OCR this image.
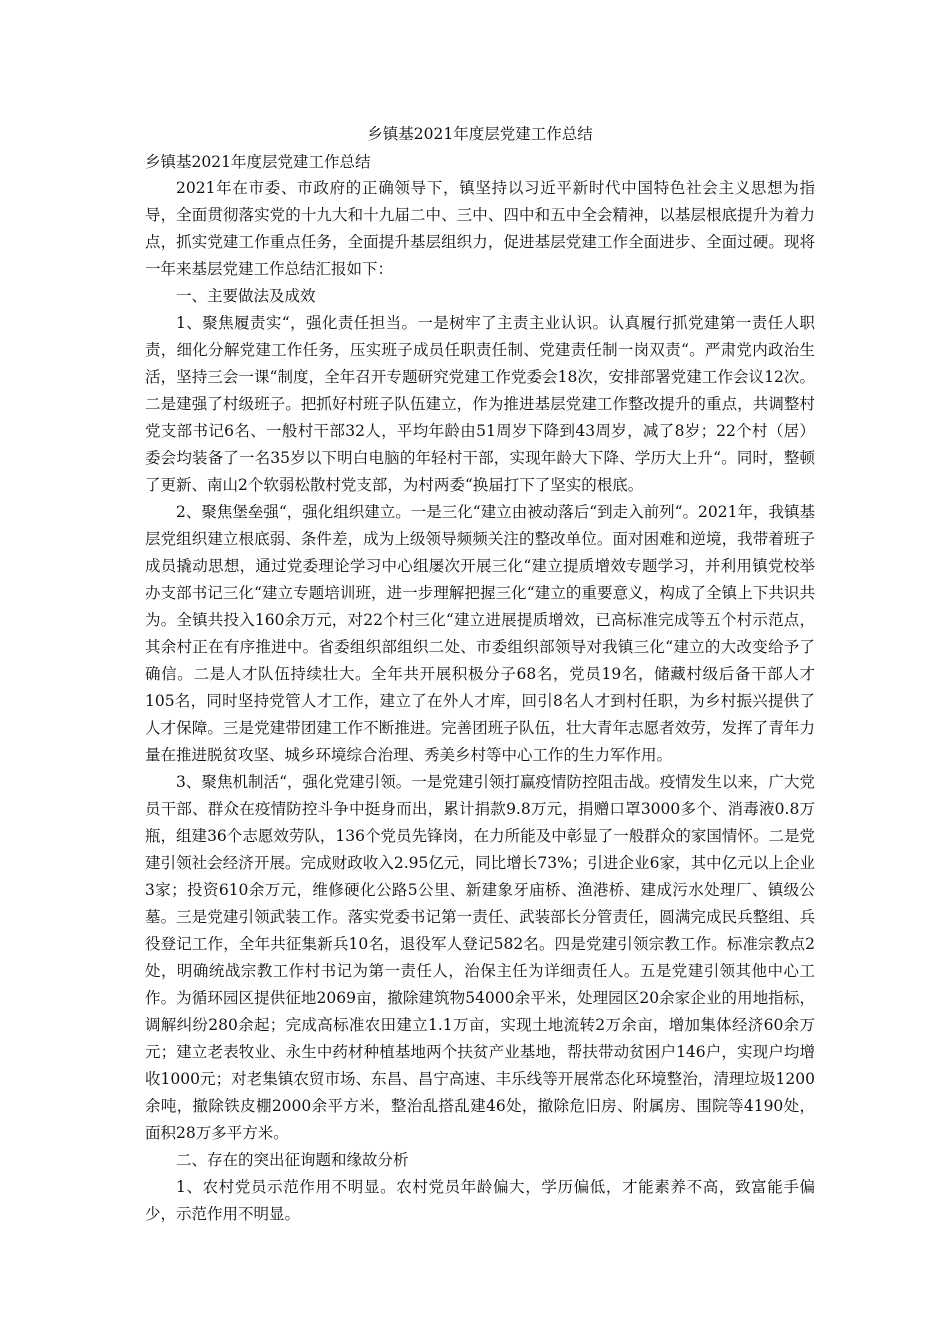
乡镇基2021年度层党建工作总结

乡镇基2021年度层党建工作总结

2021年在市委、市政府的正确领导下，镇坚持以习近平新时代中国特色社会主义思想为指导，全面贯彻落实党的十九大和十九届二中、三中、四中和五中全会精神，以基层根底提升为着力点，抓实党建工作重点任务，全面提升基层组织力，促进基层党建工作全面进步、全面过硬。现将一年来基层党建工作总结汇报如下：

一、主要做法及成效

1、聚焦履责实“，强化责任担当。一是树牢了主责主业认识。认真履行抓党建第一责任人职责，细化分解党建工作任务，压实班子成员任职责任制、党建责任制一岗双责“。严肃党内政治生活，坚持三会一课“制度，全年召开专题研究党建工作党委会18次，安排部署党建工作会议12次。二是建强了村级班子。把抓好村班子队伍建立，作为推进基层党建工作整改提升的重点，共调整村党支部书记6名、一般村干部32人，平均年龄由51周岁下降到43周岁，减了8岁；22个村（居）委会均装备了一名35岁以下明白电脑的年轻村干部，实现年龄大下降、学历大上升“。同时，整顿了更新、南山2个软弱松散村党支部，为村两委“换届打下了坚实的根底。

2、聚焦堡垒强“，强化组织建立。一是三化“建立由被动落后“到走入前列“。2021年，我镇基层党组织建立根底弱、条件差，成为上级领导频频关注的整改单位。面对困难和逆境，我带着班子成员撬动思想，通过党委理论学习中心组屡次开展三化“建立提质增效专题学习，并利用镇党校举办支部书记三化“建立专题培训班，进一步理解把握三化“建立的重要意义，构成了全镇上下共识共为。全镇共投入160余万元，对22个村三化“建立进展提质增效，已高标准完成等五个村示范点，其余村正在有序推进中。省委组织部组织二处、市委组织部领导对我镇三化“建立的大改变给予了确信。二是人才队伍持续壮大。全年共开展积极分子68名，党员19名，储藏村级后备干部人才105名，同时坚持党管人才工作，建立了在外人才库，回引8名人才到村任职，为乡村振兴提供了人才保障。三是党建带团建工作不断推进。完善团班子队伍，壮大青年志愿者效劳，发挥了青年力量在推进脱贫攻坚、城乡环境综合治理、秀美乡村等中心工作的生力军作用。

3、聚焦机制活“，强化党建引领。一是党建引领打赢疫情防控阻击战。疫情发生以来，广大党员干部、群众在疫情防控斗争中挺身而出，累计捐款9.8万元，捐赠口罩3000多个、消毒液0.8万瓶，组建36个志愿效劳队，136个党员先锋岗，在力所能及中彰显了一般群众的家国情怀。二是党建引领社会经济开展。完成财政收入2.95亿元，同比增长73%；引进企业6家，其中亿元以上企业3家；投资610余万元，维修硬化公路5公里、新建象牙庙桥、渔港桥、建成污水处理厂、镇级公墓。三是党建引领武装工作。落实党委书记第一责任、武装部长分管责任，圆满完成民兵整组、兵役登记工作，全年共征集新兵10名，退役军人登记582名。四是党建引领宗教工作。标准宗教点2处，明确统战宗教工作村书记为第一责任人，治保主任为详细责任人。五是党建引领其他中心工作。为循环园区提供征地2069亩，撤除建筑物54000余平米，处理园区20余家企业的用地指标，调解纠纷280余起；完成高标准农田建立1.1万亩，实现土地流转2万余亩，增加集体经济60余万元；建立老表牧业、永生中药材种植基地两个扶贫产业基地，帮扶带动贫困户146户，实现户均增收1000元；对老集镇农贸市场、东昌、昌宁高速、丰乐线等开展常态化环境整治，清理垃圾1200余吨，撤除铁皮棚2000余平方米，整治乱搭乱建46处，撤除危旧房、附属房、围院等4190处，面积28万多平方米。

二、存在的突出征询题和缘故分析

1、农村党员示范作用不明显。农村党员年龄偏大，学历偏低，才能素养不高，致富能手偏少，示范作用不明显。
